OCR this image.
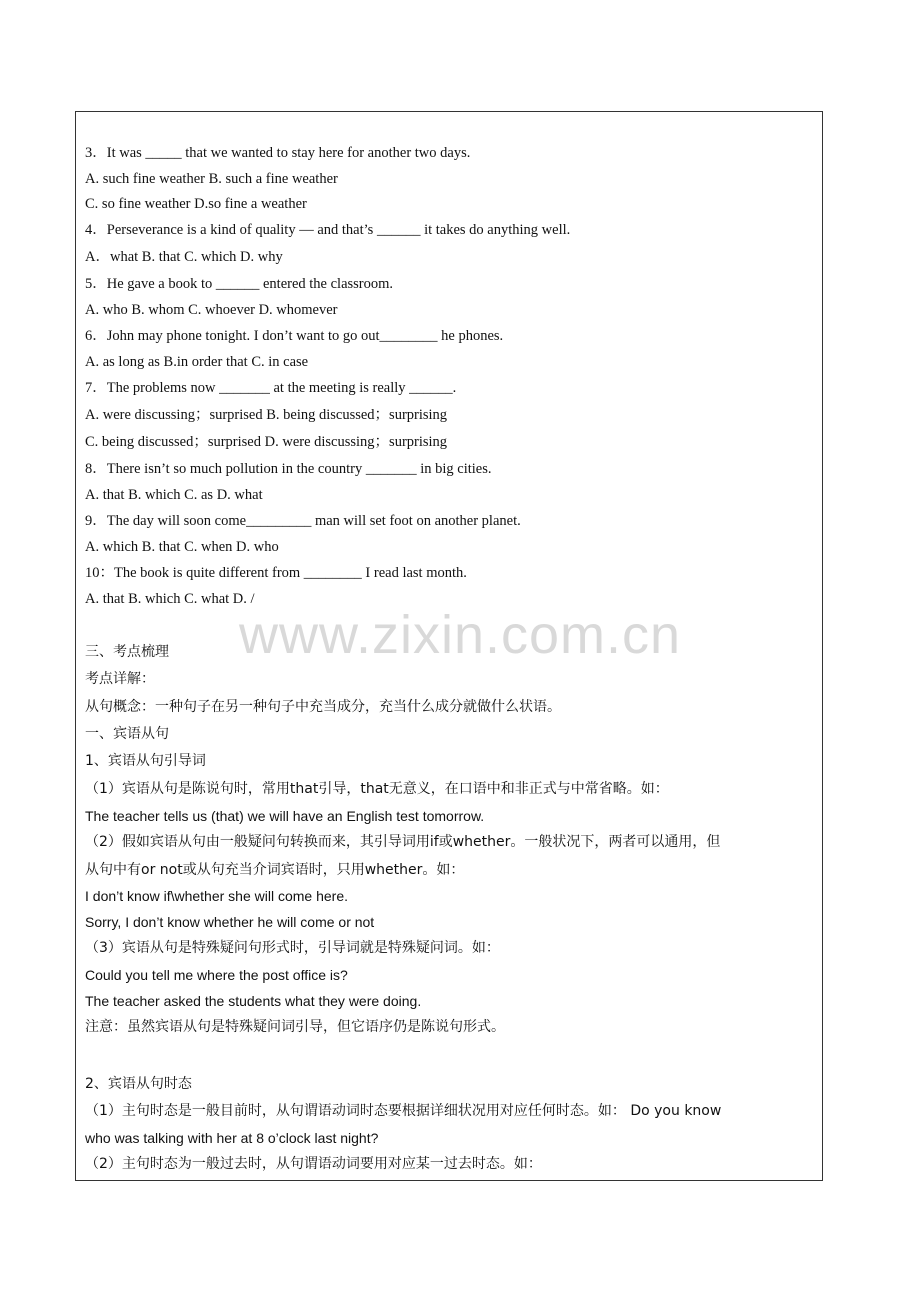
www.zixin.com.cn
3．It was _____ that we wanted to stay here for another two days.
A. such fine weather B. such a fine weather
C. so fine weather D.so fine a weather
4．Perseverance is a kind of quality — and that’s ______ it takes do anything well.
A．what B. that C. which D. why
5．He gave a book to ______ entered the classroom.
A. who B. whom C. whoever D. whomever
6．John may phone tonight. I don’t want to go out________ he phones.
A. as long as B.in order that C. in case
7．The problems now _______ at the meeting is really ______.
A. were discussing；surprised B. being discussed；surprising
C. being discussed；surprised D. were discussing；surprising
8．There isn’t so much pollution in the country _______ in big cities.
A. that B. which C. as D. what
9．The day will soon come_________ man will set foot on another planet.
A. which B. that C. when D. who
10：The book is quite different from ________ I read last month.
A. that B. which C. what D. /
三、考点梳理
考点详解：
从句概念：一种句子在另一种句子中充当成分，充当什么成分就做什么状语。
一、宾语从句
1、宾语从句引导词
（1）宾语从句是陈说句时，常用that引导，that无意义，在口语中和非正式与中常省略。如：
The teacher tells us (that) we will have an English test tomorrow.
（2）假如宾语从句由一般疑问句转换而来，其引导词用if或whether。一般状况下，两者可以通用，但
从句中有or not或从句充当介词宾语时，只用whether。如：
I don’t know if\whether she will come here.
Sorry, I don’t know whether he will come or not
（3）宾语从句是特殊疑问句形式时，引导词就是特殊疑问词。如：
Could you tell me where the post office is?
The teacher asked the students what they were doing.
注意：虽然宾语从句是特殊疑问词引导，但它语序仍是陈说句形式。
2、宾语从句时态
（1）主句时态是一般目前时，从句谓语动词时态要根据详细状况用对应任何时态。如： Do you know
who was talking with her at 8 o’clock last night?
（2）主句时态为一般过去时，从句谓语动词要用对应某一过去时态。如：
